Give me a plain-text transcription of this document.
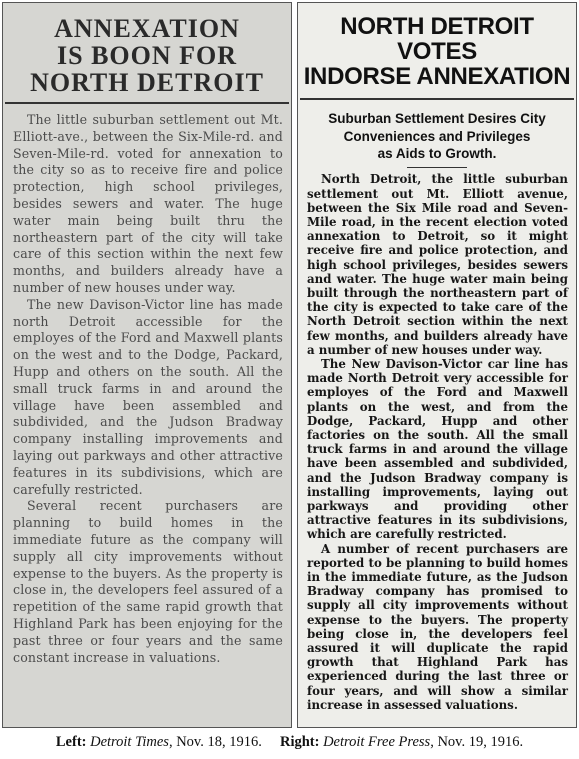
ANNEXATION
IS BOON FOR
NORTH DETROIT

The little suburban settlement out Mt. Elliott-ave., between the Six-Mile-rd. and Seven-Mile-rd. voted for annexation to the city so as to receive fire and police protection, high school privileges, besides sewers and water. The huge water main being built thru the northeastern part of the city will take care of this section within the next few months, and builders already have a number of new houses under way.

The new Davison-Victor line has made north Detroit accessible for the employes of the Ford and Maxwell plants on the west and to the Dodge, Packard, Hupp and others on the south. All the small truck farms in and around the village have been assembled and subdivided, and the Judson Bradway company installing improvements and laying out parkways and other attractive features in its subdivisions, which are carefully restricted.

Several recent purchasers are planning to build homes in the immediate future as the company will supply all city improvements without expense to the buyers. As the property is close in, the developers feel assured of a repetition of the same rapid growth that Highland Park has been enjoying for the past three or four years and the same constant increase in valuations.

NORTH DETROIT VOTES
INDORSE ANNEXATION
Suburban Settlement Desires City
Conveniences and Privileges
as Aids to Growth.

North Detroit, the little suburban settlement out Mt. Elliott avenue, between the Six Mile road and Seven-Mile road, in the recent election voted annexation to Detroit, so it might receive fire and police protection, and high school privileges, besides sewers and water. The huge water main being built through the northeastern part of the city is expected to take care of the North Detroit section within the next few months, and builders already have a number of new houses under way.

The New Davison-Victor car line has made North Detroit very accessible for employes of the Ford and Maxwell plants on the west, and from the Dodge, Packard, Hupp and other factories on the south. All the small truck farms in and around the village have been assembled and subdivided, and the Judson Bradway company is installing improvements, laying out parkways and providing other attractive features in its subdivisions, which are carefully restricted.

A number of recent purchasers are reported to be planning to build homes in the immediate future, as the Judson Bradway company has promised to supply all city improvements without expense to the buyers. The property being close in, the developers feel assured it will duplicate the rapid growth that Highland Park has experienced during the last three or four years, and will show a similar increase in assessed valuations.

Left: Detroit Times, Nov. 18, 1916. Right: Detroit Free Press, Nov. 19, 1916.
